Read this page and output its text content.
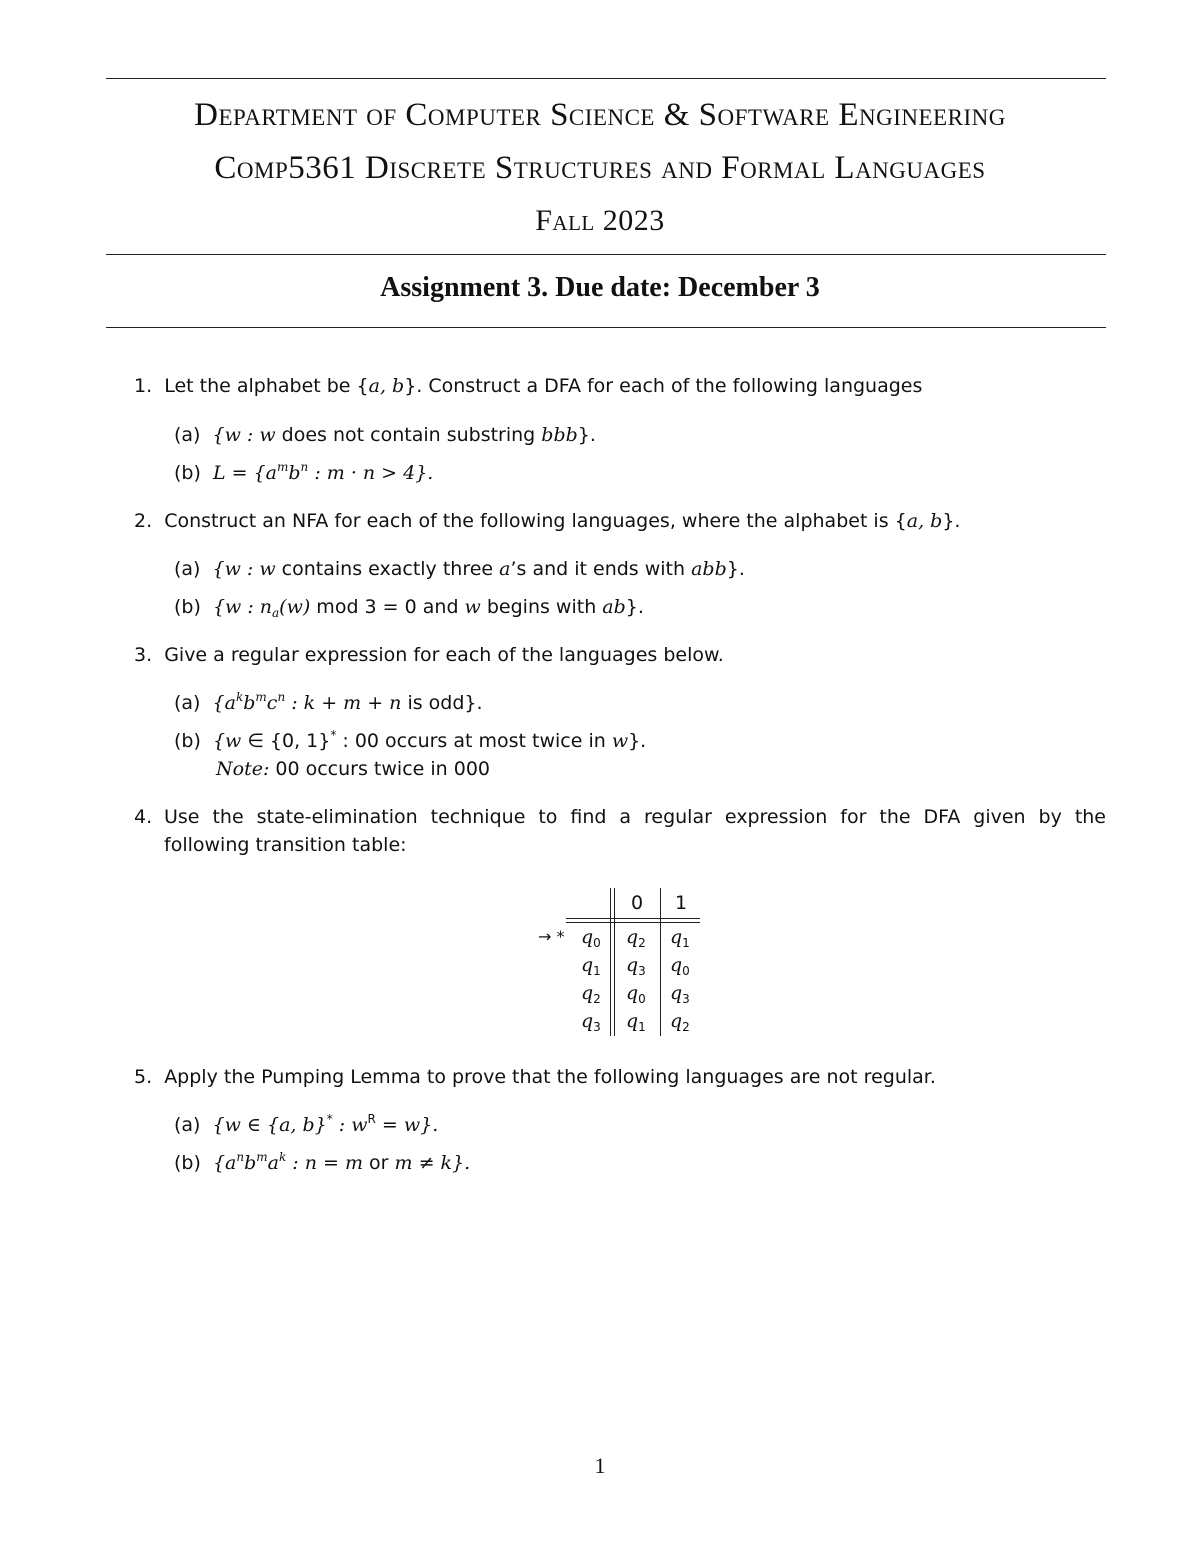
Department of Computer Science & Software Engineering
Comp5361 Discrete Structures and Formal Languages
Fall 2023
Assignment 3. Due date: December 3
1. Let the alphabet be {a, b}. Construct a DFA for each of the following languages
(a) {w : w does not contain substring bbb}.
(b) $L = \{a^mb^n$ : m · n > 4}.
2. Construct an NFA for each of the following languages, where the alphabet is {a, b}.
(a) {w : w contains exactly three a’s and it ends with abb}.
(b) {w : $n_a(w)$ mod 3 = 0 and w begins with ab}.
3. Give a regular expression for each of the languages below.
(a) {$a^kb^mc^n$ : k + m + n is odd}.
(b) {w ∈ {0, 1}* : 00 occurs at most twice in w}.
Note: 00 occurs twice in 000
4. Use the state-elimination technique to find a regular expression for the DFA given by the
following transition table:
5. Apply the Pumping Lemma to prove that the following languages are not regular.
(a) {w ∈ {a, b}* : $w^R = w$}.
(b) {$a^nb^ma^k$ : n = m or m ≠ k}.
0 1
→ * $q_0$ $q_2$ $q_1$
$q_1$ $q_3$ $q_0$
$q_2$ $q_0$ $q_3$
$q_3$ $q_1$ $q_2$
1
